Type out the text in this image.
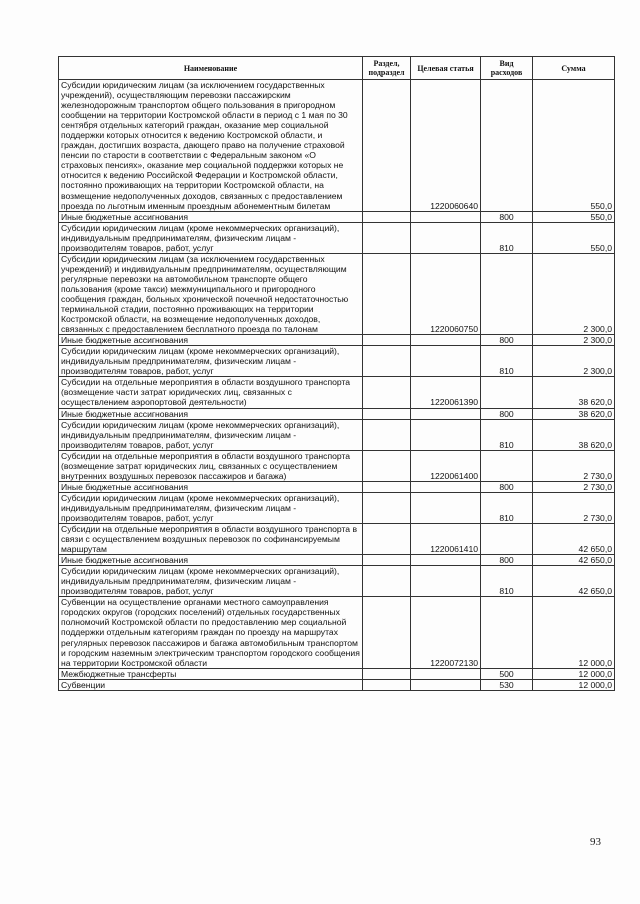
Наименование	Раздел, подраздел	Целевая статья	Вид расходов	Сумма
Субсидии юридическим лицам (за исключением государственных учреждений), осуществляющим перевозки пассажирским железнодорожным транспортом общего пользования в пригородном сообщении на территории Костромской области в период с 1 мая по 30 сентября отдельных категорий граждан, оказание мер социальной поддержки которых относится к ведению Костромской области, и граждан, достигших возраста, дающего право на получение страховой пенсии по старости в соответствии с Федеральным законом «О страховых пенсиях», оказание мер социальной поддержки которых не относится к ведению Российской Федерации и Костромской области, постоянно проживающих на территории Костромской области, на возмещение недополученных доходов, связанных с предоставлением проезда по льготным именным проездным абонементным билетам		1220060640		550,0
Иные бюджетные ассигнования			800	550,0
Субсидии юридическим лицам (кроме некоммерческих организаций), индивидуальным предпринимателям, физическим лицам - производителям товаров, работ, услуг			810	550,0
Субсидии юридическим лицам (за исключением государственных учреждений) и индивидуальным предпринимателям, осуществляющим регулярные перевозки на автомобильном транспорте общего пользования (кроме такси) межмуниципального и пригородного сообщения граждан, больных хронической почечной недостаточностью терминальной стадии, постоянно проживающих на территории Костромской области, на возмещение недополученных доходов, связанных с предоставлением бесплатного проезда по талонам		1220060750		2 300,0
Иные бюджетные ассигнования			800	2 300,0
Субсидии юридическим лицам (кроме некоммерческих организаций), индивидуальным предпринимателям, физическим лицам - производителям товаров, работ, услуг			810	2 300,0
Субсидии на отдельные мероприятия в области воздушного транспорта (возмещение части затрат юридических лиц, связанных с осуществлением аэропортовой деятельности)		1220061390		38 620,0
Иные бюджетные ассигнования			800	38 620,0
Субсидии юридическим лицам (кроме некоммерческих организаций), индивидуальным предпринимателям, физическим лицам - производителям товаров, работ, услуг			810	38 620,0
Субсидии на отдельные мероприятия в области воздушного транспорта (возмещение затрат юридических лиц, связанных с осуществлением внутренних воздушных перевозок пассажиров и багажа)		1220061400		2 730,0
Иные бюджетные ассигнования			800	2 730,0
Субсидии юридическим лицам (кроме некоммерческих организаций), индивидуальным предпринимателям, физическим лицам - производителям товаров, работ, услуг			810	2 730,0
Субсидии на отдельные мероприятия в области воздушного транспорта в связи с осуществлением воздушных перевозок по софинансируемым маршрутам		1220061410		42 650,0
Иные бюджетные ассигнования			800	42 650,0
Субсидии юридическим лицам (кроме некоммерческих организаций), индивидуальным предпринимателям, физическим лицам - производителям товаров, работ, услуг			810	42 650,0
Субвенции на осуществление органами местного самоуправления городских округов (городских поселений) отдельных государственных полномочий Костромской области по предоставлению мер социальной поддержки отдельным категориям граждан по проезду на маршрутах регулярных перевозок пассажиров и багажа автомобильным транспортом и городским наземным электрическим транспортом городского сообщения на территории Костромской области		1220072130		12 000,0
Межбюджетные трансферты			500	12 000,0
Субвенции			530	12 000,0
93
